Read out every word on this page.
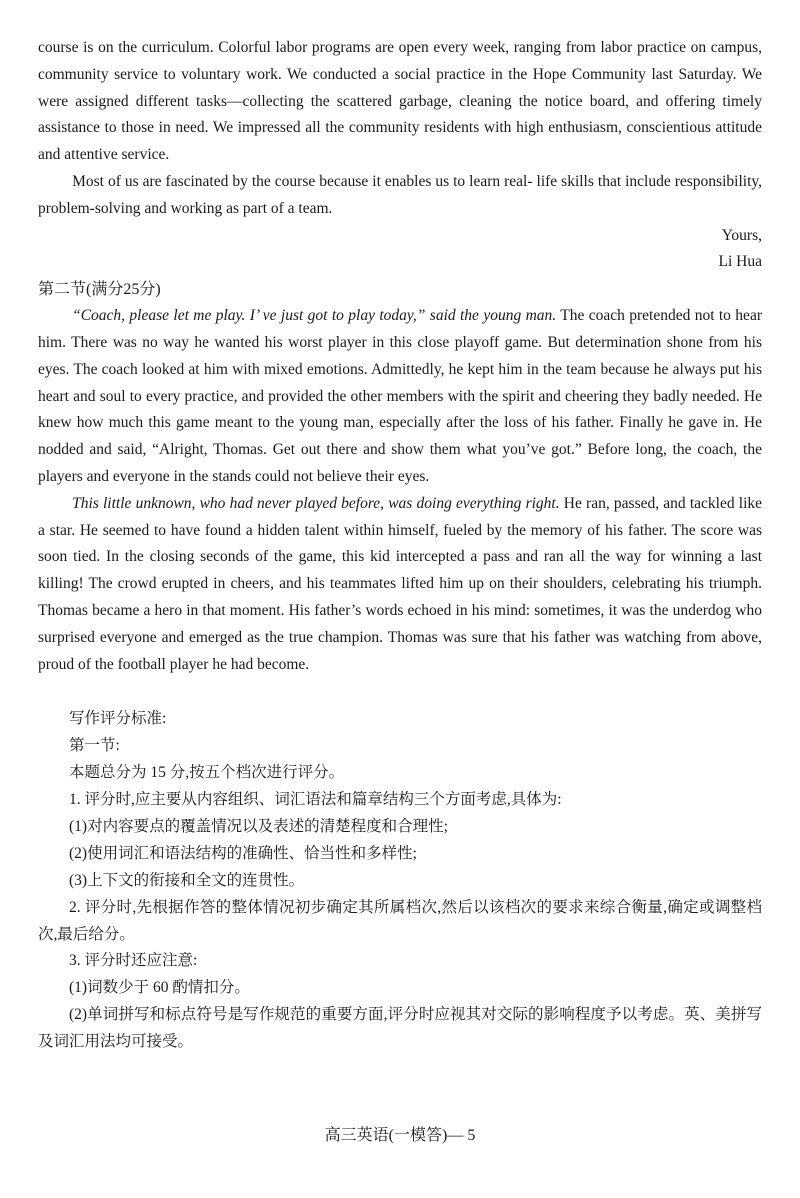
course is on the curriculum. Colorful labor programs are open every week, ranging from labor practice on campus, community service to voluntary work. We conducted a social practice in the Hope Community last Saturday. We were assigned different tasks—collecting the scattered garbage, cleaning the notice board, and offering timely assistance to those in need. We impressed all the community residents with high enthusiasm, conscientious attitude and attentive service.

Most of us are fascinated by the course because it enables us to learn real- life skills that include responsibility, problem-solving and working as part of a team.

Yours,

Li Hua

第二节(满分25分)

“Coach, please let me play. I’ ve just got to play today,” said the young man. The coach pretended not to hear him. There was no way he wanted his worst player in this close playoff game. But determination shone from his eyes. The coach looked at him with mixed emotions. Admittedly, he kept him in the team because he always put his heart and soul to every practice, and provided the other members with the spirit and cheering they badly needed. He knew how much this game meant to the young man, especially after the loss of his father. Finally he gave in. He nodded and said, “Alright, Thomas. Get out there and show them what you’ve got.” Before long, the coach, the players and everyone in the stands could not believe their eyes.

This little unknown, who had never played before, was doing everything right. He ran, passed, and tackled like a star. He seemed to have found a hidden talent within himself, fueled by the memory of his father. The score was soon tied. In the closing seconds of the game, this kid intercepted a pass and ran all the way for winning a last killing! The crowd erupted in cheers, and his teammates lifted him up on their shoulders, celebrating his triumph. Thomas became a hero in that moment. His father’s words echoed in his mind: sometimes, it was the underdog who surprised everyone and emerged as the true champion. Thomas was sure that his father was watching from above, proud of the football player he had become.

写作评分标准:

第一节:

本题总分为 15 分,按五个档次进行评分。

1. 评分时,应主要从内容组织、词汇语法和篇章结构三个方面考虑,具体为:

(1)对内容要点的覆盖情况以及表述的清楚程度和合理性;

(2)使用词汇和语法结构的准确性、恰当性和多样性;

(3)上下文的衔接和全文的连贯性。

2. 评分时,先根据作答的整体情况初步确定其所属档次,然后以该档次的要求来综合衡量,确定或调整档次,最后给分。

3. 评分时还应注意:

(1)词数少于 60 酌情扣分。

(2)单词拼写和标点符号是写作规范的重要方面,评分时应视其对交际的影响程度予以考虑。英、美拼写及词汇用法均可接受。

高三英语(一模答)— 5
